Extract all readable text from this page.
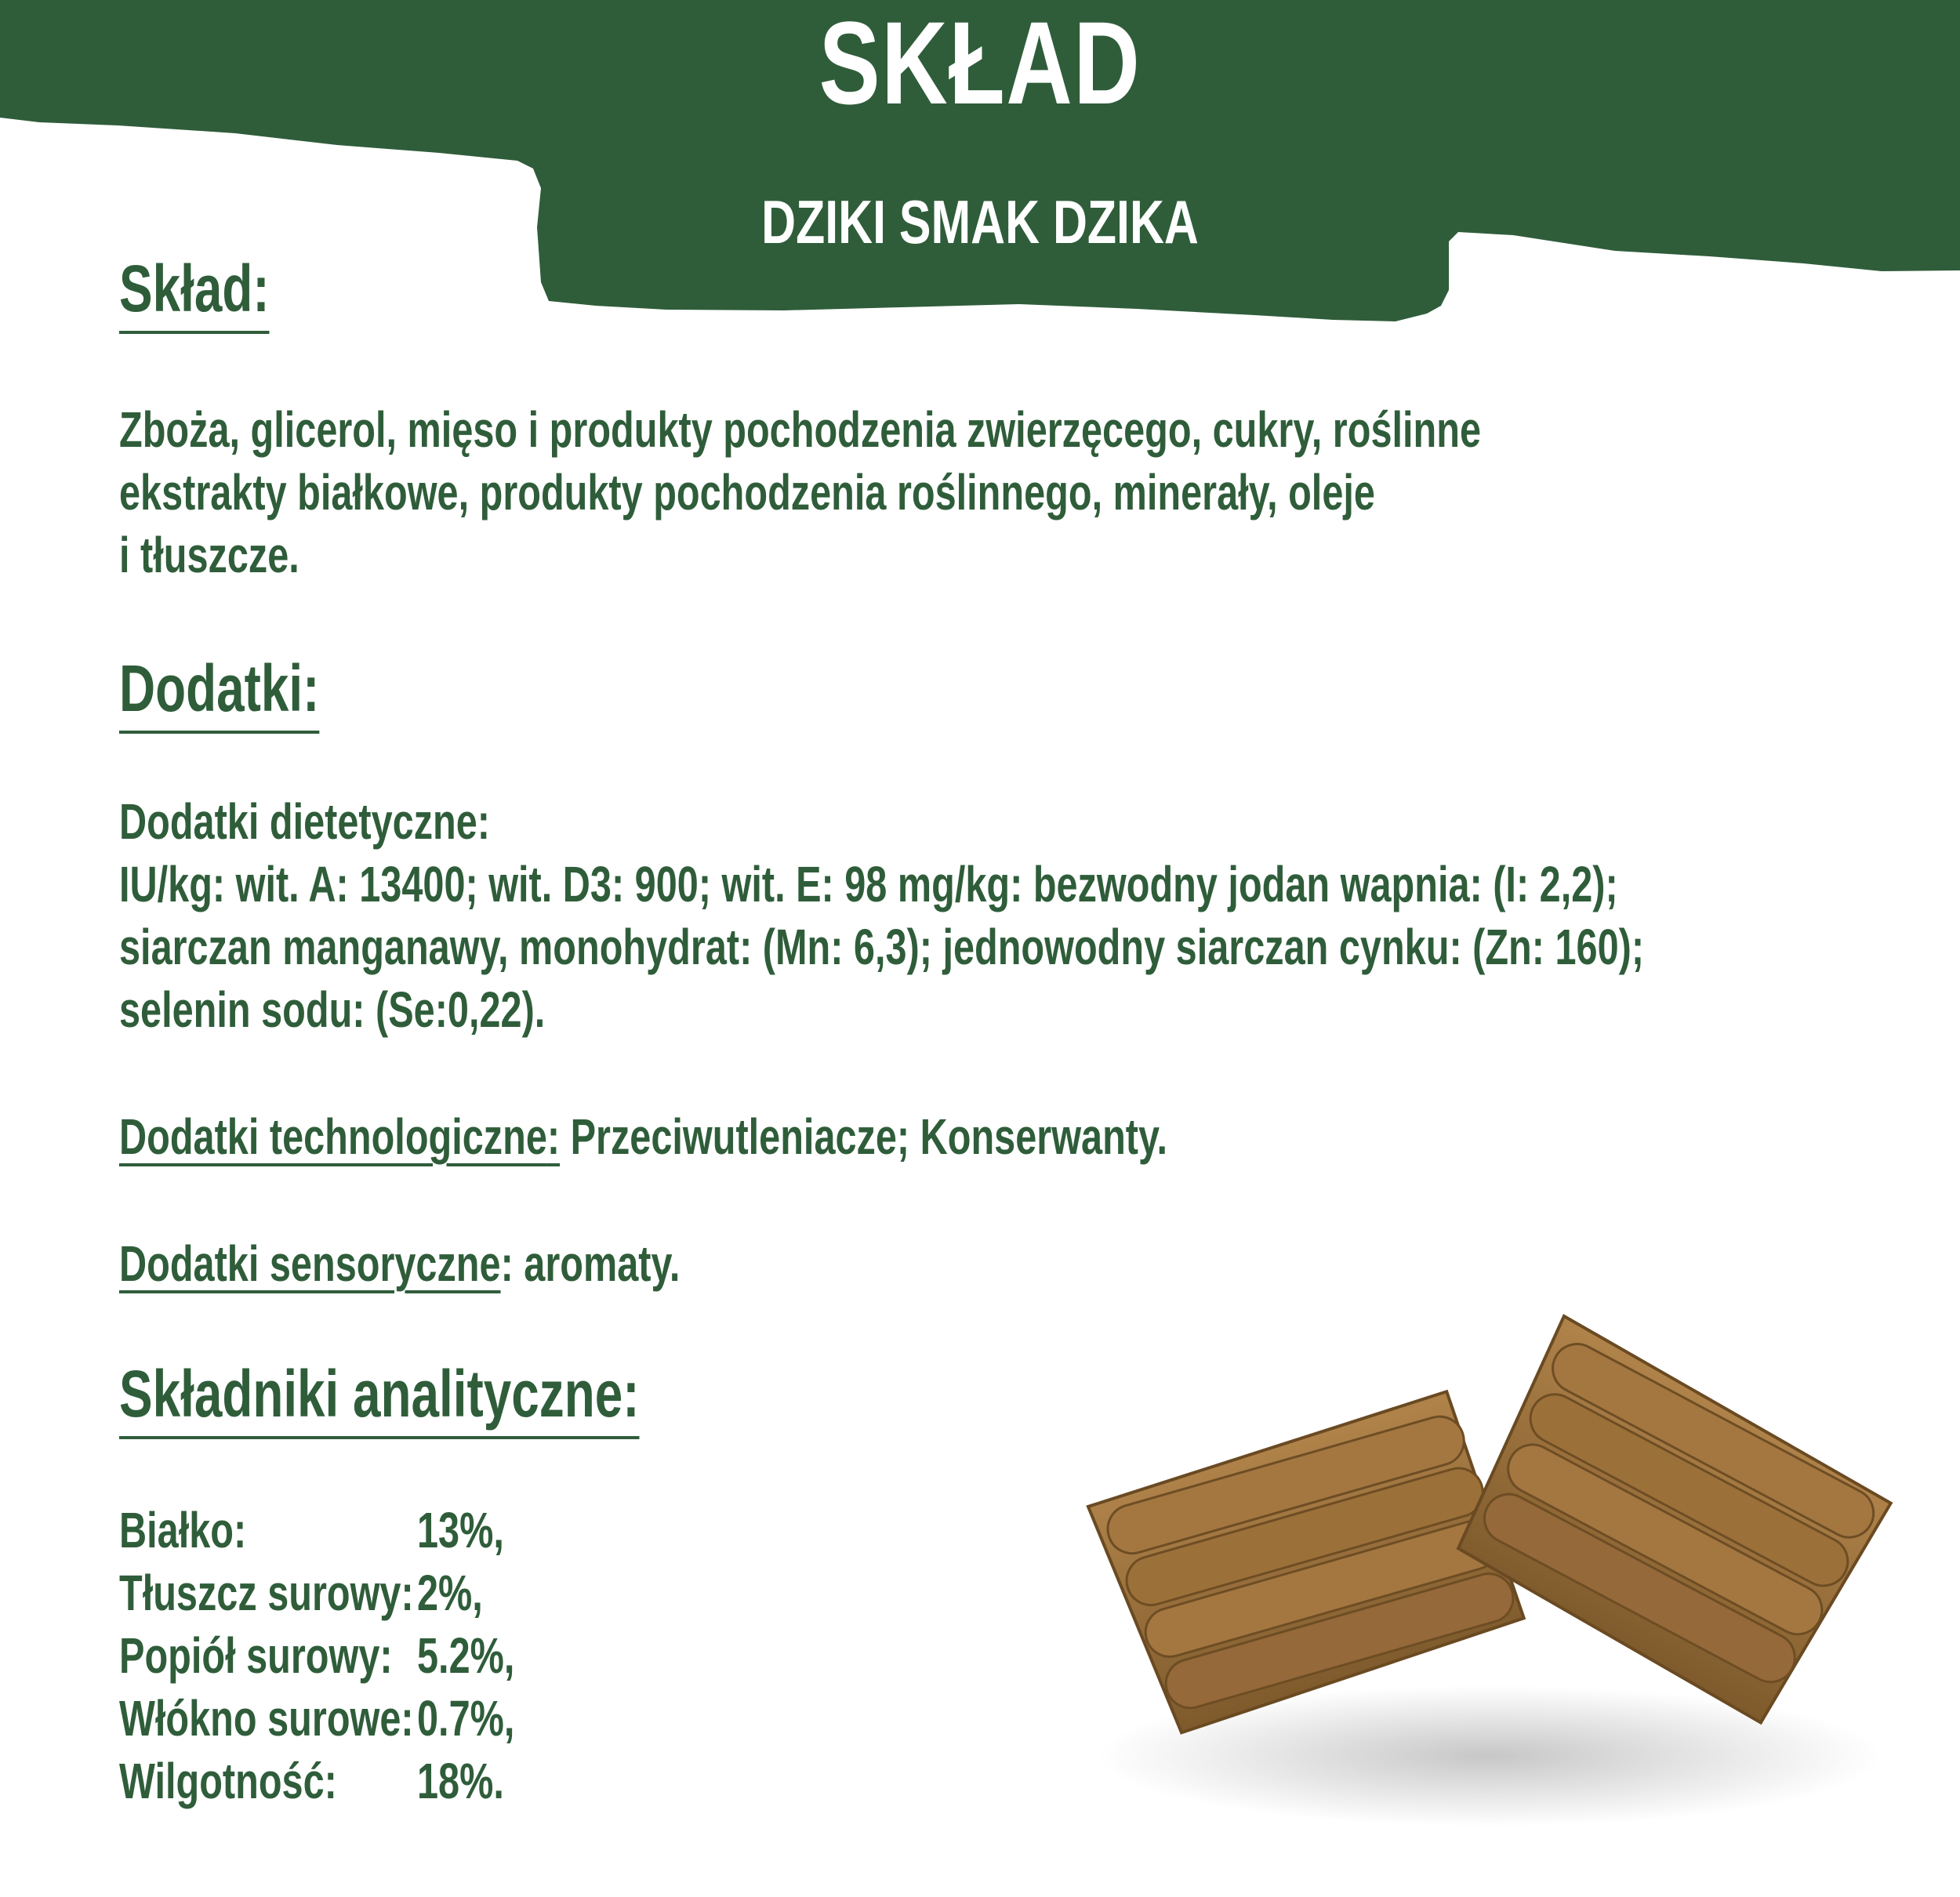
SKŁAD
DZIKI SMAK DZIKA
Skład:

Zboża, glicerol, mięso i produkty pochodzenia zwierzęcego, cukry, roślinne

ekstrakty białkowe, produkty pochodzenia roślinnego, minerały, oleje

i tłuszcze.

Dodatki:

Dodatki dietetyczne:

IU/kg: wit. A: 13400; wit. D3: 900; wit. E: 98 mg/kg: bezwodny jodan wapnia: (I: 2,2);

siarczan manganawy, monohydrat: (Mn: 6,3); jednowodny siarczan cynku: (Zn: 160);

selenin sodu: (Se:0,22).

Dodatki technologiczne: Przeciwutleniacze; Konserwanty.

Dodatki sensoryczne: aromaty.

Składniki analityczne:
Białko:	13%,
Tłuszcz surowy: 2%,
Popiół surowy: 5.2%,
Włókno surowe: 0.7%,
Wilgotność:	18%.
